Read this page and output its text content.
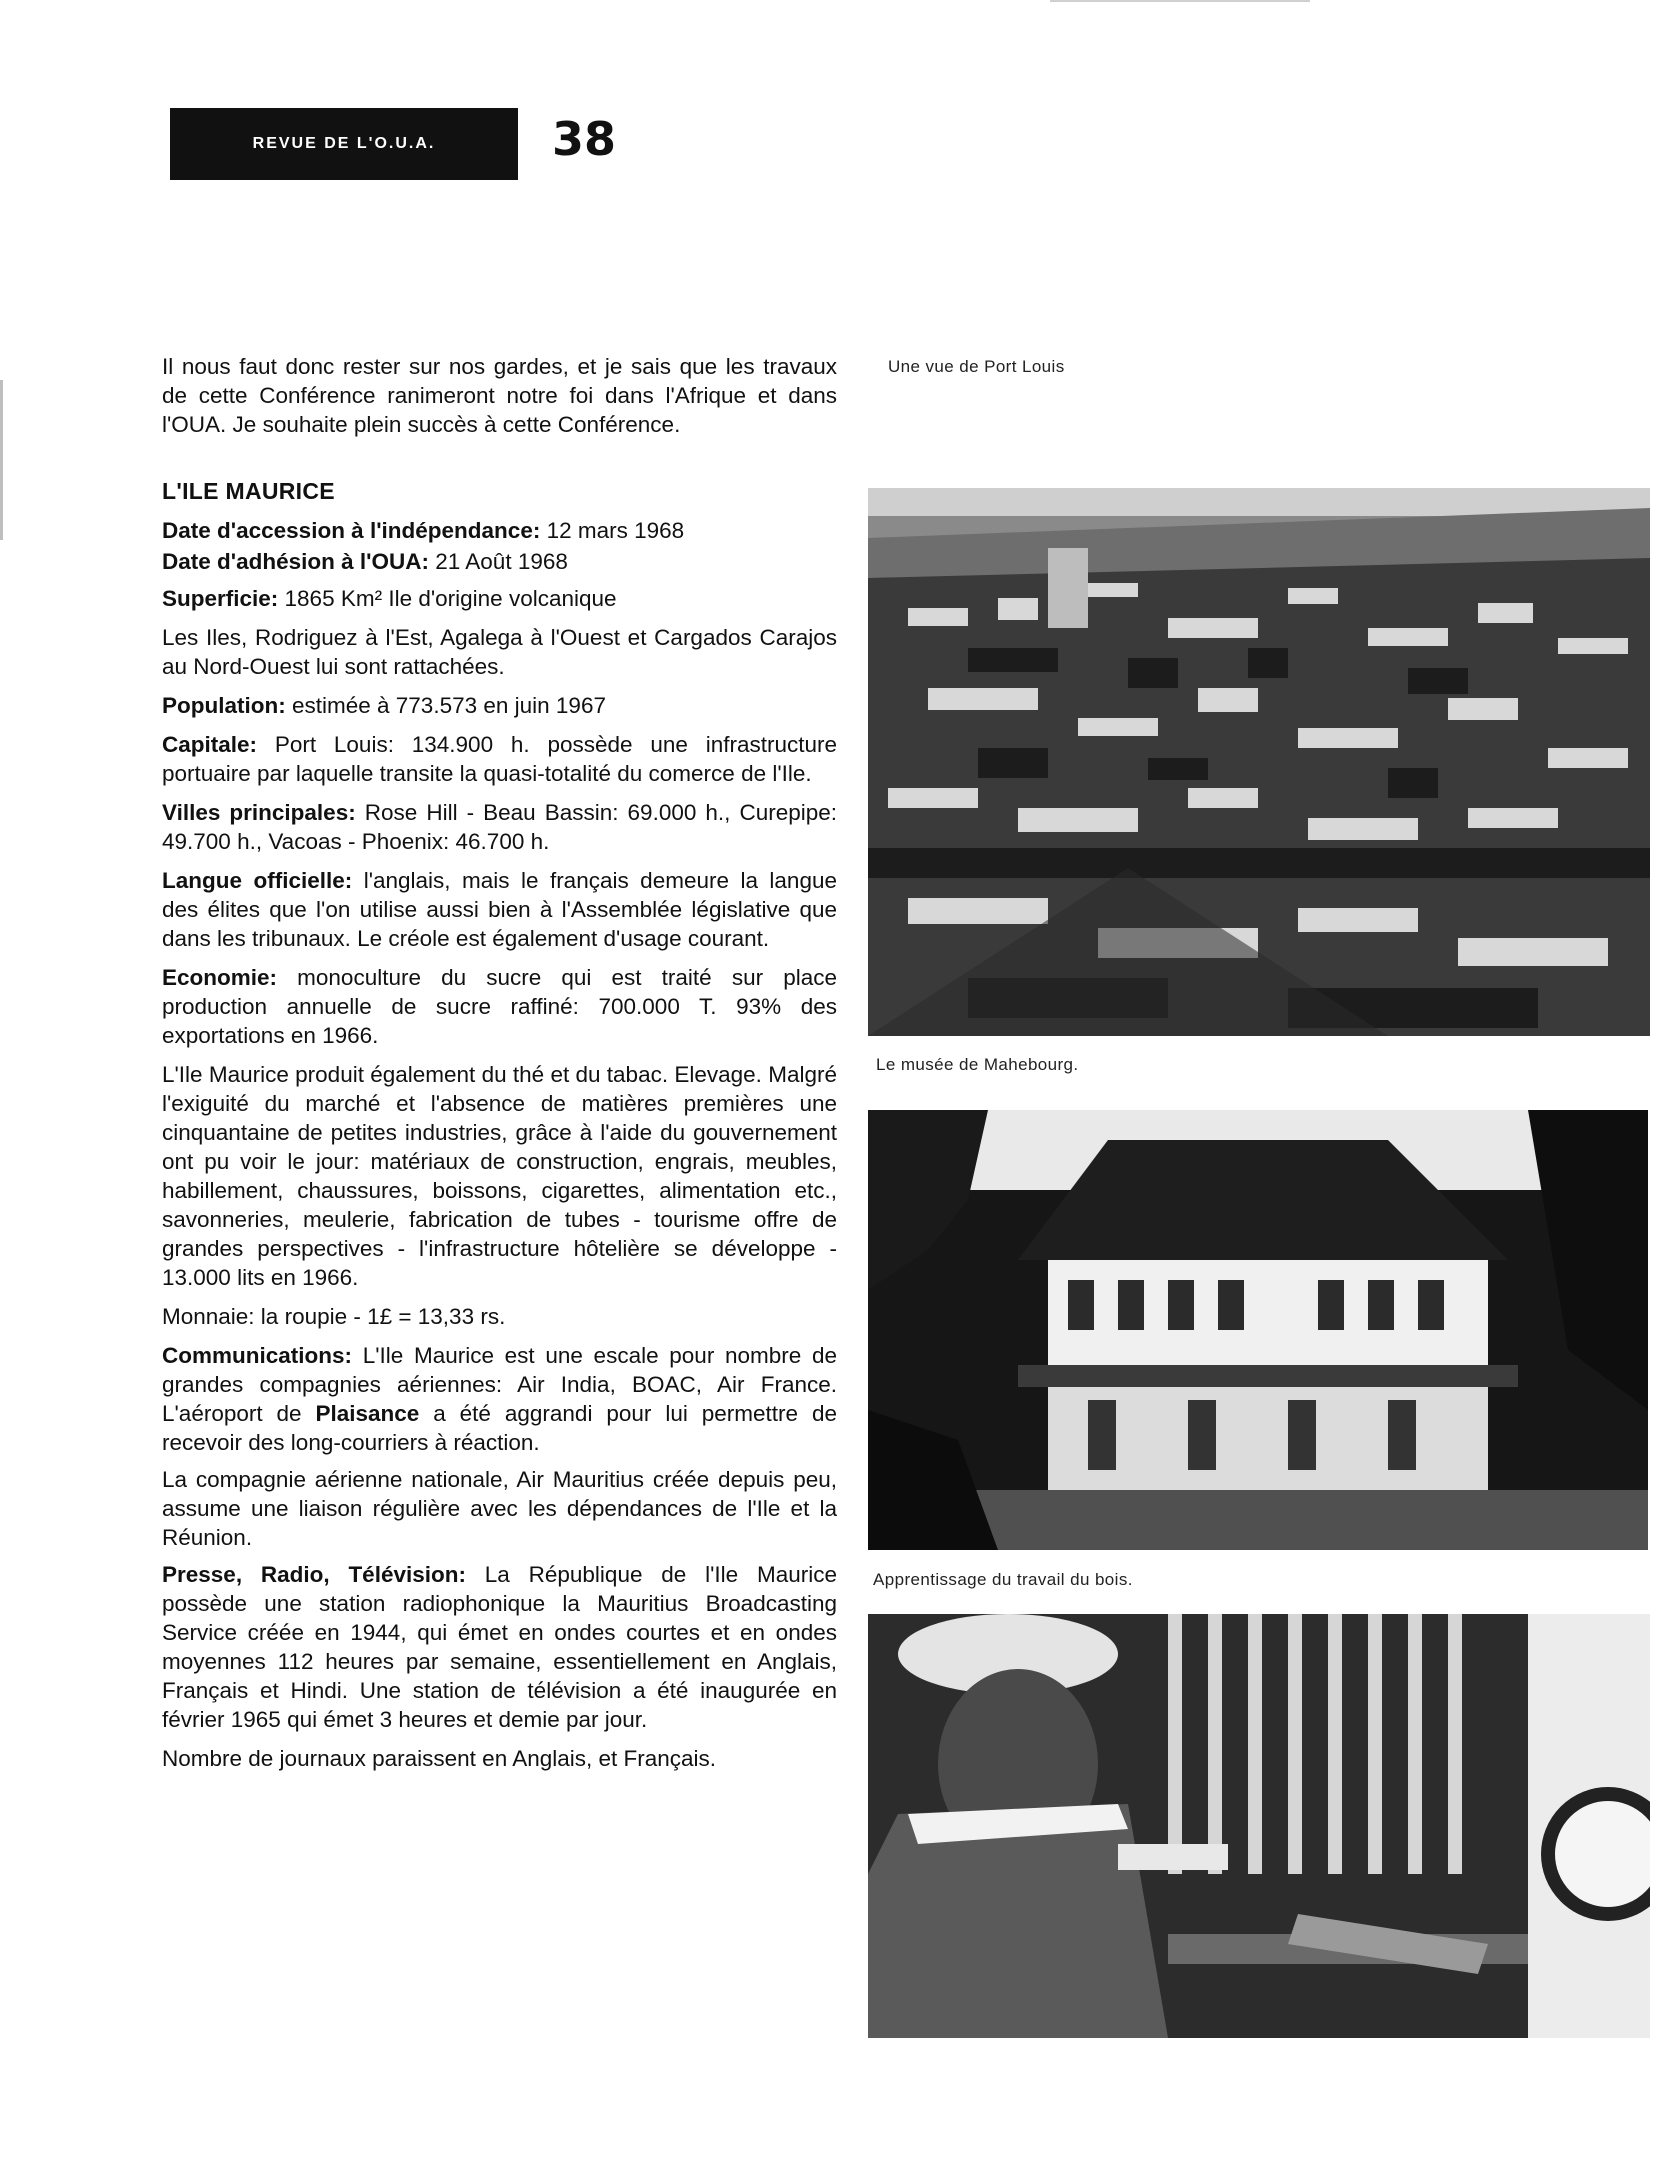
REVUE DE L'O.U.A.	38

Il nous faut donc rester sur nos gardes, et je sais que les travaux de cette Conférence ranimeront notre foi dans l'Afrique et dans l'OUA. Je souhaite plein succès à cette Conférence.

L'ILE MAURICE

Date d'accession à l'indépendance: 12 mars 1968

Date d'adhésion à l'OUA: 21 Août 1968

Superficie: 1865 Km² Ile d'origine volcanique

Les Iles, Rodriguez à l'Est, Agalega à l'Ouest et Cargados Carajos au Nord-Ouest lui sont rattachées.

Population: estimée à 773.573 en juin 1967

Capitale: Port Louis: 134.900 h. possède une infrastructure portuaire par laquelle transite la quasi-totalité du comerce de l'Ile.

Villes principales: Rose Hill - Beau Bassin: 69.000 h., Curepipe: 49.700 h., Vacoas - Phoenix: 46.700 h.

Langue officielle: l'anglais, mais le français demeure la langue des élites que l'on utilise aussi bien à l'Assemblée législative que dans les tribunaux. Le créole est également d'usage courant.

Economie: monoculture du sucre qui est traité sur place production annuelle de sucre raffiné: 700.000 T. 93% des exportations en 1966.

L'Ile Maurice produit également du thé et du tabac. Elevage. Malgré l'exiguité du marché et l'absence de matières premières une cinquantaine de petites industries, grâce à l'aide du gouvernement ont pu voir le jour: matériaux de construction, engrais, meubles, habillement, chaussures, boissons, cigarettes, alimentation etc., savonneries, meulerie, fabrication de tubes - tourisme offre de grandes perspectives - l'infrastructure hôtelière se développe - 13.000 lits en 1966.

Monnaie: la roupie - 1£ = 13,33 rs.

Communications: L'Ile Maurice est une escale pour nombre de grandes compagnies aériennes: Air India, BOAC, Air France. L'aéroport de Plaisance a été aggrandi pour lui permettre de recevoir des long-courriers à réaction.

La compagnie aérienne nationale, Air Mauritius créée depuis peu, assume une liaison régulière avec les dépendances de l'Ile et la Réunion.

Presse, Radio, Télévision: La République de l'Ile Maurice possède une station radiophonique la Mauritius Broadcasting Service créée en 1944, qui émet en ondes courtes et en ondes moyennes 112 heures par semaine, essentiellement en Anglais, Français et Hindi. Une station de télévision a été inaugurée en février 1965 qui émet 3 heures et demie par jour.

Nombre de journaux paraissent en Anglais, et Français.

Une vue de Port Louis
Le musée de Mahebourg.
Apprentissage du travail du bois.
